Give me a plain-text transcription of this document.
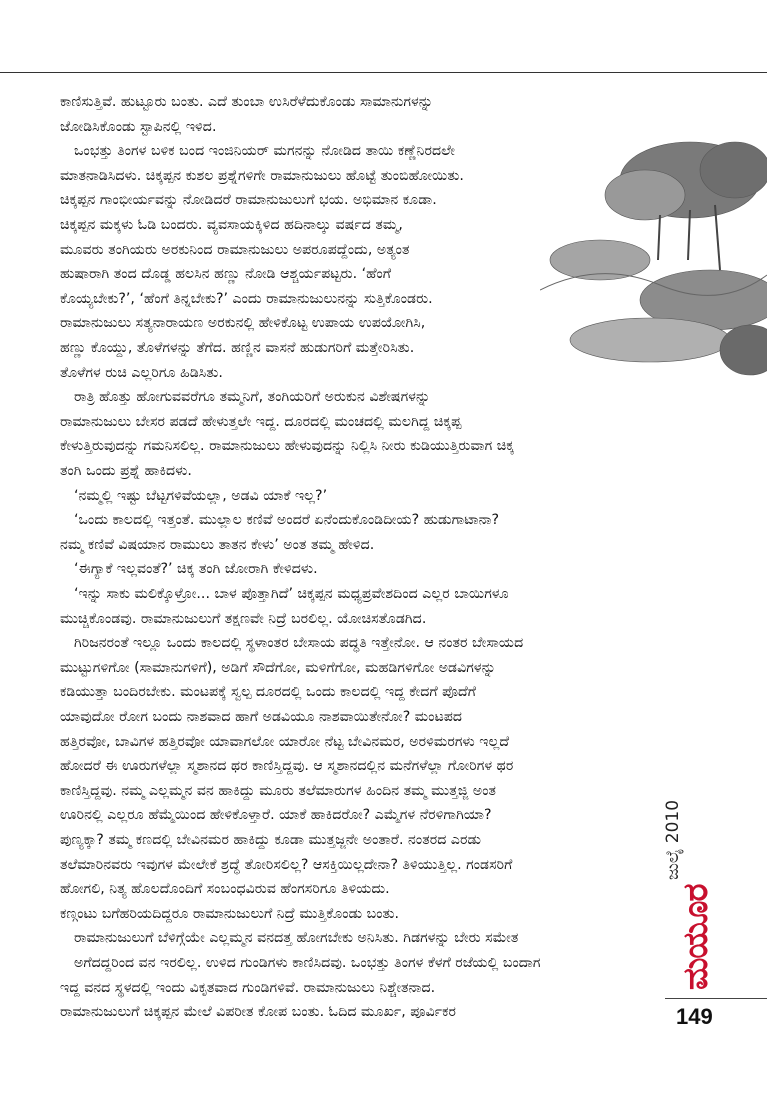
ಕಾಣಿಸುತ್ತಿವೆ. ಹುಟ್ಟೂರು ಬಂತು. ಎದೆ ತುಂಬಾ ಉಸಿರೆಳೆದುಕೊಂಡು ಸಾಮಾನುಗಳನ್ನು
ಜೋಡಿಸಿಕೊಂಡು ಸ್ಟಾಪಿನಲ್ಲಿ ಇಳಿದ.
ಒಂಭತ್ತು ತಿಂಗಳ ಬಳಿಕ ಬಂದ ಇಂಜಿನಿಯರ್ ಮಗನನ್ನು ನೋಡಿದ ತಾಯಿ ಕಣ್ಣೆನಿರದಲೇ
ಮಾತನಾಡಿಸಿದಳು. ಚಿಕ್ಕಪ್ಪನ ಕುಶಲ ಪ್ರಶ್ನೆಗಳಿಗೇ ರಾಮಾನುಜುಲು ಹೊಟ್ಟೆ ತುಂಬಿಹೋಯಿತು.
ಚಿಕ್ಕಪ್ಪನ ಗಾಂಭೀರ್ಯವನ್ನು ನೋಡಿದರೆ ರಾಮಾನುಜುಲುಗೆ ಭಯ. ಅಭಿಮಾನ ಕೂಡಾ.
ಚಿಕ್ಕಪ್ಪನ ಮಕ್ಕಳು ಓಡಿ ಬಂದರು. ವ್ಯವಸಾಯಕ್ಕಿಳಿದ ಹದಿನಾಲ್ಕು ವರ್ಷದ ತಮ್ಮ,
ಮೂವರು ತಂಗಿಯರು ಅರಕುನಿಂದ ರಾಮಾನುಜುಲು ಅಪರೂಪದ್ದೆಂದು, ಅತ್ಯಂತ
ಹುಷಾರಾಗಿ ತಂದ ದೊಡ್ಡ ಹಲಸಿನ ಹಣ್ಣು ನೋಡಿ ಆಶ್ಚರ್ಯಪಟ್ಟರು. ‘ಹೆಂಗೆ
ಕೊಯ್ಯಬೇಕು?’, ‘ಹೆಂಗೆ ತಿನ್ನಬೇಕು?’ ಎಂದು ರಾಮಾನುಜುಲುನನ್ನು ಸುತ್ತಿಕೊಂಡರು.
ರಾಮಾನುಜುಲು ಸತ್ಯನಾರಾಯಣ ಅರಕುನಲ್ಲಿ ಹೇಳಿಕೊಟ್ಟ ಉಪಾಯ ಉಪಯೋಗಿಸಿ,
ಹಣ್ಣು ಕೊಯ್ದು, ತೊಳೆಗಳನ್ನು ತೆಗೆದ. ಹಣ್ಣಿನ ವಾಸನೆ ಹುಡುಗರಿಗೆ ಮತ್ತೇರಿಸಿತು.
ತೊಳೆಗಳ ರುಚಿ ಎಲ್ಲರಿಗೂ ಹಿಡಿಸಿತು.
ರಾತ್ರಿ ಹೊತ್ತು ಹೋಗುವವರೆಗೂ ತಮ್ಮನಿಗೆ, ತಂಗಿಯರಿಗೆ ಅರುಕುನ ವಿಶೇಷಗಳನ್ನು
ರಾಮಾನುಜುಲು ಬೇಸರ ಪಡದೆ ಹೇಳುತ್ತಲೇ ಇದ್ದ. ದೂರದಲ್ಲಿ ಮಂಚದಲ್ಲಿ ಮಲಗಿದ್ದ ಚಿಕ್ಕಪ್ಪ
ಕೇಳುತ್ತಿರುವುದನ್ನು ಗಮನಿಸಲಿಲ್ಲ. ರಾಮಾನುಜುಲು ಹೇಳುವುದನ್ನು ನಿಲ್ಲಿಸಿ ನೀರು ಕುಡಿಯುತ್ತಿರುವಾಗ ಚಿಕ್ಕ
ತಂಗಿ ಒಂದು ಪ್ರಶ್ನೆ ಹಾಕಿದಳು.
‘ನಮ್ಮಲ್ಲಿ ಇಷ್ಟು ಬೆಟ್ಟಗಳಿವೆಯಲ್ಲಾ, ಅಡವಿ ಯಾಕೆ ಇಲ್ಲ?’
‘ಒಂದು ಕಾಲದಲ್ಲಿ ಇತ್ತಂತೆ. ಮುಲ್ಲಾಲ ಕಣಿವೆ ಅಂದರೆ ಏನೆಂದುಕೊಂಡಿದೀಯ? ಹುಡುಗಾಟಾನಾ?
ನಮ್ಮ ಕಣಿವೆ ವಿಷಯಾನ ರಾಮುಲು ತಾತನ ಕೇಳು’ ಅಂತ ತಮ್ಮ ಹೇಳಿದ.
‘ಈಗ್ಯಾಕೆ ಇಲ್ಲವಂತೆ?’ ಚಿಕ್ಕ ತಂಗಿ ಜೋರಾಗಿ ಕೇಳಿದಳು.
‘ಇನ್ನು ಸಾಕು ಮಲಿಕ್ಕೊಳ್ರೋ... ಬಾಳ ಪೊತ್ತಾಗಿದೆ’ ಚಿಕ್ಕಪ್ಪನ ಮಧ್ಯಪ್ರವೇಶದಿಂದ ಎಲ್ಲರ ಬಾಯಿಗಳೂ
ಮುಚ್ಚಿಕೊಂಡವು. ರಾಮಾನುಜುಲುಗೆ ತಕ್ಷಣವೇ ನಿದ್ರೆ ಬರಲಿಲ್ಲ. ಯೋಚಿಸತೊಡಗಿದ.
ಗಿರಿಜನರಂತೆ ಇಲ್ಲೂ ಒಂದು ಕಾಲದಲ್ಲಿ ಸ್ಥಳಾಂತರ ಬೇಸಾಯ ಪದ್ಧತಿ ಇತ್ತೇನೋ. ಆ ನಂತರ ಬೇಸಾಯದ
ಮುಟ್ಟುಗಳಿಗೋ (ಸಾಮಾನುಗಳಿಗೆ), ಅಡಿಗೆ ಸೌದೆಗೋ, ಮಳಿಗೆಗೋ, ಮಹಡಿಗಳಿಗೋ ಅಡವಿಗಳನ್ನು
ಕಡಿಯುತ್ತಾ ಬಂದಿರಬೇಕು. ಮಂಟಪಕ್ಕೆ ಸ್ವಲ್ಪ ದೂರದಲ್ಲಿ ಒಂದು ಕಾಲದಲ್ಲಿ ಇದ್ದ ಕೇದಗೆ ಪೊದೆಗೆ
ಯಾವುದೋ ರೋಗ ಬಂದು ನಾಶವಾದ ಹಾಗೆ ಅಡವಿಯೂ ನಾಶವಾಯಿತೇನೋ? ಮಂಟಪದ
ಹತ್ತಿರವೋ, ಬಾವಿಗಳ ಹತ್ತಿರವೋ ಯಾವಾಗಲೋ ಯಾರೋ ನೆಟ್ಟ ಬೇವಿನಮರ, ಅರಳಿಮರಗಳು ಇಲ್ಲದೆ
ಹೋದರೆ ಈ ಊರುಗಳೆಲ್ಲಾ ಸ್ಮಶಾನದ ಥರ ಕಾಣಿಸ್ತಿದ್ದವು. ಆ ಸ್ಮಶಾನದಲ್ಲಿನ ಮನೆಗಳೆಲ್ಲಾ ಗೋರಿಗಳ ಥರ
ಕಾಣಿಸ್ತಿದ್ದವು. ನಮ್ಮ ಎಲ್ಲಮ್ಮನ ವನ ಹಾಕಿದ್ದು ಮೂರು ತಲೆಮಾರುಗಳ ಹಿಂದಿನ ತಮ್ಮ ಮುತ್ತಜ್ಜಿ ಅಂತ
ಊರಿನಲ್ಲಿ ಎಲ್ಲರೂ ಹೆಮ್ಮೆಯಿಂದ ಹೇಳಿಕೊಳ್ತಾರೆ. ಯಾಕೆ ಹಾಕಿದರೋ? ಎಮ್ಮೆಗಳ ನೆರಳಿಗಾಗಿಯಾ?
ಪುಣ್ಯಕ್ಕಾ? ತಮ್ಮ ಕಣದಲ್ಲಿ ಬೇವಿನಮರ ಹಾಕಿದ್ದು ಕೂಡಾ ಮುತ್ತಜ್ಜನೇ ಅಂತಾರೆ. ನಂತರದ ಎರಡು
ತಲೆಮಾರಿನವರು ಇವುಗಳ ಮೇಲೇಕೆ ಶ್ರದ್ಧೆ ತೋರಿಸಲಿಲ್ಲ? ಆಸಕ್ತಿಯಿಲ್ಲದೇನಾ? ತಿಳಿಯುತ್ತಿಲ್ಲ. ಗಂಡಸರಿಗೆ
ಹೋಗಲಿ, ನಿತ್ಯ ಹೊಲದೊಂದಿಗೆ ಸಂಬಂಧವಿರುವ ಹೆಂಗಸರಿಗೂ ತಿಳಿಯದು.
ಕಣ್ಗಂಟು ಬಗೆಹರಿಯದಿದ್ದರೂ ರಾಮಾನುಜುಲುಗೆ ನಿದ್ರೆ ಮುತ್ತಿಕೊಂಡು ಬಂತು.
ರಾಮಾನುಜುಲುಗೆ ಬೆಳಿಗ್ಗೆಯೇ ಎಲ್ಲಮ್ಮನ ವನದತ್ತ ಹೋಗಬೇಕು ಅನಿಸಿತು. ಗಿಡಗಳನ್ನು ಬೇರು ಸಮೇತ
ಅಗೆದದ್ದರಿಂದ ವನ ಇರಲಿಲ್ಲ. ಉಳಿದ ಗುಂಡಿಗಳು ಕಾಣಿಸಿದವು. ಒಂಭತ್ತು ತಿಂಗಳ ಕೆಳಗೆ ರಜೆಯಲ್ಲಿ ಬಂದಾಗ
ಇದ್ದ ವನದ ಸ್ಥಳದಲ್ಲಿ ಇಂದು ವಿಕೃತವಾದ ಗುಂಡಿಗಳಿವೆ. ರಾಮಾನುಜುಲು ನಿಶ್ಚೇತನಾದ.
ರಾಮಾನುಜುಲುಗೆ ಚಿಕ್ಕಪ್ಪನ ಮೇಲೆ ವಿಪರೀತ ಕೋಪ ಬಂತು. ಓದಿದ ಮೂರ್ಖ, ಪೂರ್ವಿಕರ
ಜುಲೈ 2010
ಮಯೂರ
149
